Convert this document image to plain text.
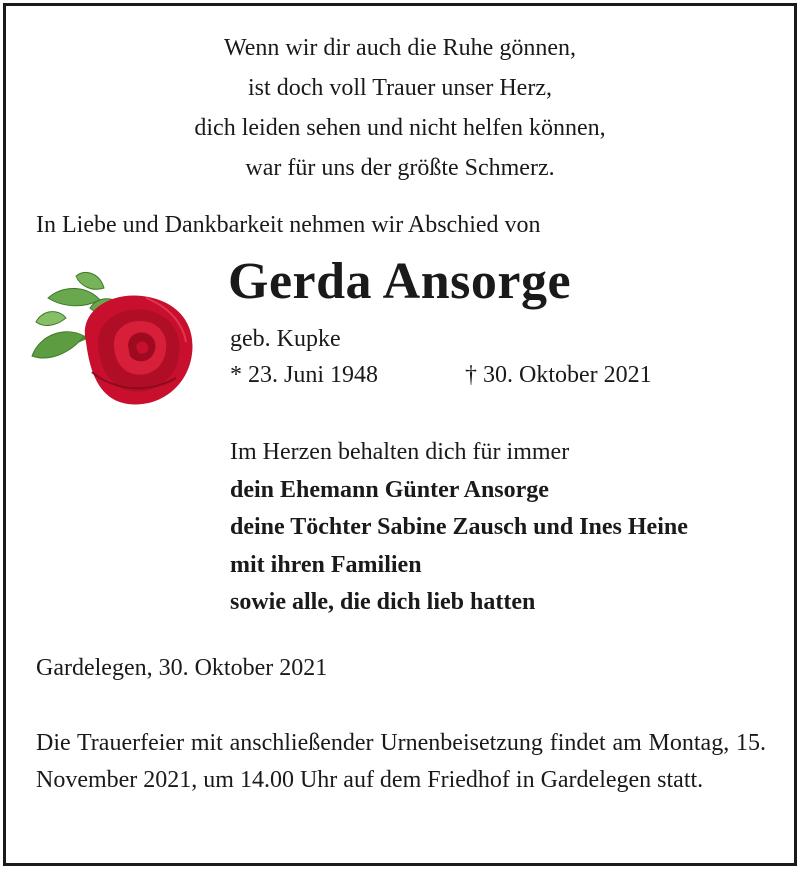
Wenn wir dir auch die Ruhe gönnen,
ist doch voll Trauer unser Herz,
dich leiden sehen und nicht helfen können,
war für uns der größte Schmerz.
In Liebe und Dankbarkeit nehmen wir Abschied von
Gerda Ansorge
geb. Kupke
* 23. Juni 1948	† 30. Oktober 2021
Im Herzen behalten dich für immer
dein Ehemann Günter Ansorge
deine Töchter Sabine Zausch und Ines Heine
mit ihren Familien
sowie alle, die dich lieb hatten
Gardelegen, 30. Oktober 2021
Die Trauerfeier mit anschließender Urnenbeisetzung findet am Montag, 15. November 2021, um 14.00 Uhr auf dem Friedhof in Gardelegen statt.
